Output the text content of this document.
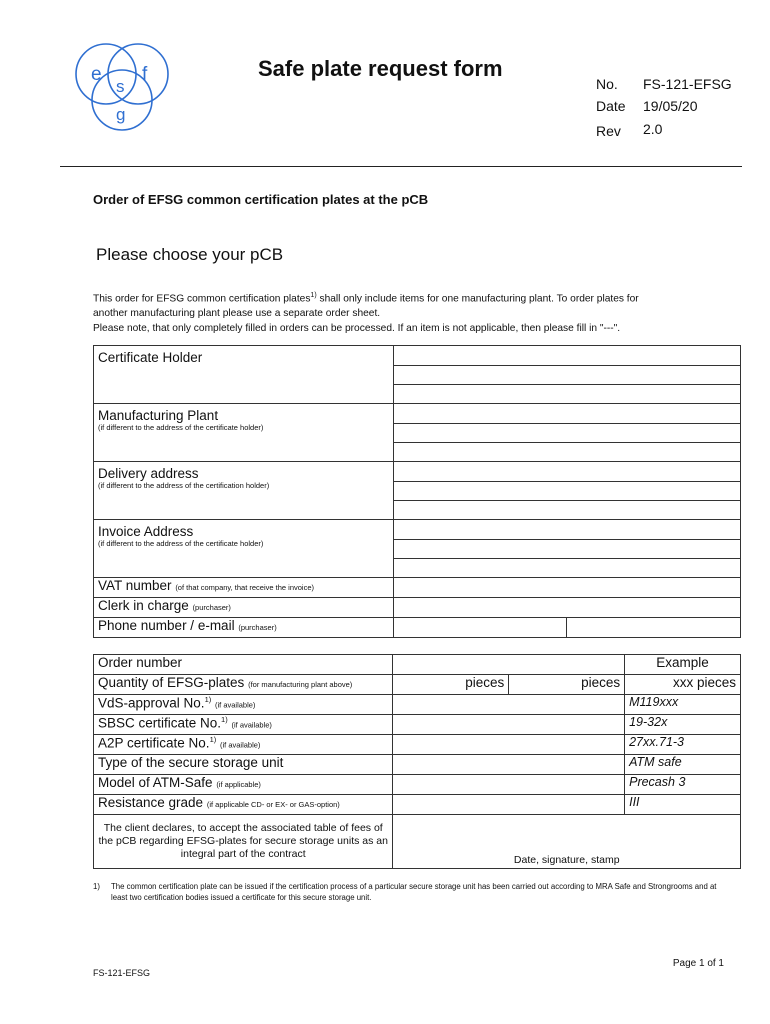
e
s
f
g
Safe plate request form
No. FS-121-EFSG
Date 19/05/20
Rev 2.0
Order of EFSG common certification plates at the pCB
Please choose your pCB
This order for EFSG common certification plates$^{1)}$ shall only include items for one manufacturing plant. To order plates for
another manufacturing plant please use a separate order sheet.
Please note, that only completely filled in orders can be processed. If an item is not applicable, then please fill in "---".
Certificate Holder		

Manufacturing Plant
(if different to the address of the certificate holder)		

Delivery address
(if different to the address of the certification holder)		

Invoice Address
(if different to the address of the certificate holder)		

VAT number (of that company, that receive the invoice)		
Clerk in charge (purchaser)		
Phone number / e-mail (purchaser)		
Order number			Example
Quantity of EFSG-plates (for manufacturing plant above)	pieces	pieces	xxx pieces
VdS-approval No.$^{1)}$ (if available)			M119xxx
SBSC certificate No.$^{1)}$ (if available)			19-32x
A2P certificate No.$^{1)}$ (if available)			27xx.71-3
Type of the secure storage unit			ATM safe
Model of ATM-Safe (if applicable)			Precash 3
Resistance grade (if applicable CD- or EX- or GAS-option)			III
The client declares, to accept the associated table of fees of the pCB regarding EFSG-plates for secure storage units as an integral part of the contract	Date, signature, stamp		
1) The common certification plate can be issued if the certification process of a particular secure storage unit has been carried out according to MRA Safe and Strongrooms and at least two certification bodies issued a certificate for this secure storage unit.
Page 1 of 1
FS-121-EFSG
